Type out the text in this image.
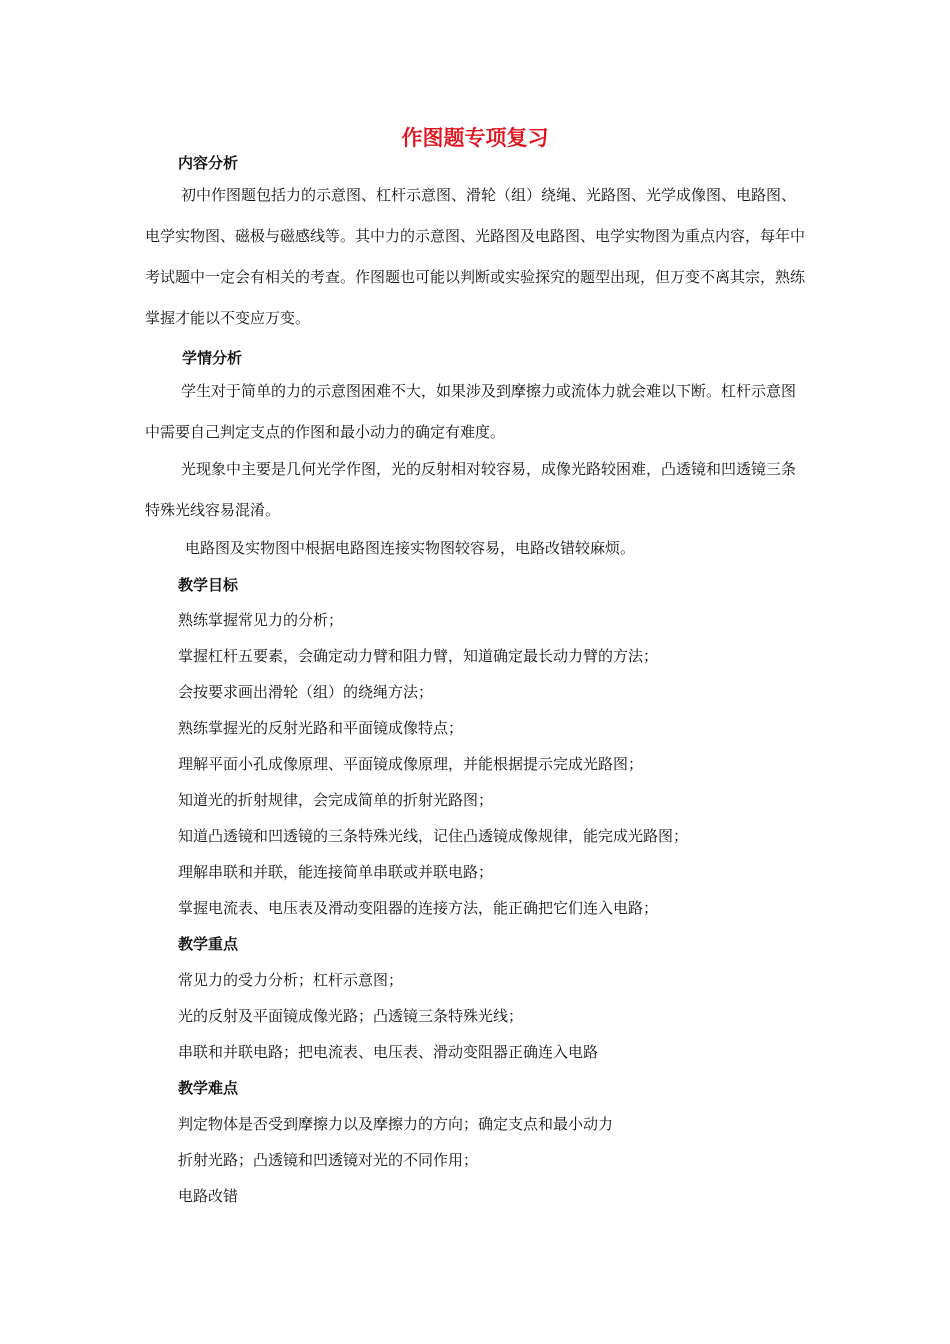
作图题专项复习
内容分析

初中作图题包括力的示意图、杠杆示意图、滑轮（组）绕绳、光路图、光学成像图、电路图、电学实物图、磁极与磁感线等。其中力的示意图、光路图及电路图、电学实物图为重点内容，每年中考试题中一定会有相关的考查。作图题也可能以判断或实验探究的题型出现，但万变不离其宗，熟练掌握才能以不变应万变。

学情分析

学生对于简单的力的示意图困难不大，如果涉及到摩擦力或流体力就会难以下断。杠杆示意图中需要自己判定支点的作图和最小动力的确定有难度。

光现象中主要是几何光学作图，光的反射相对较容易，成像光路较困难，凸透镜和凹透镜三条特殊光线容易混淆。

电路图及实物图中根据电路图连接实物图较容易，电路改错较麻烦。

教学目标
熟练掌握常见力的分析；
掌握杠杆五要素，会确定动力臂和阻力臂，知道确定最长动力臂的方法；
会按要求画出滑轮（组）的绕绳方法；
熟练掌握光的反射光路和平面镜成像特点；
理解平面小孔成像原理、平面镜成像原理，并能根据提示完成光路图；
知道光的折射规律，会完成简单的折射光路图；
知道凸透镜和凹透镜的三条特殊光线，记住凸透镜成像规律，能完成光路图；
理解串联和并联，能连接简单串联或并联电路；
掌握电流表、电压表及滑动变阻器的连接方法，能正确把它们连入电路；
教学重点
常见力的受力分析；杠杆示意图；
光的反射及平面镜成像光路；凸透镜三条特殊光线；
串联和并联电路；把电流表、电压表、滑动变阻器正确连入电路
教学难点
判定物体是否受到摩擦力以及摩擦力的方向；确定支点和最小动力
折射光路；凸透镜和凹透镜对光的不同作用；
电路改错
